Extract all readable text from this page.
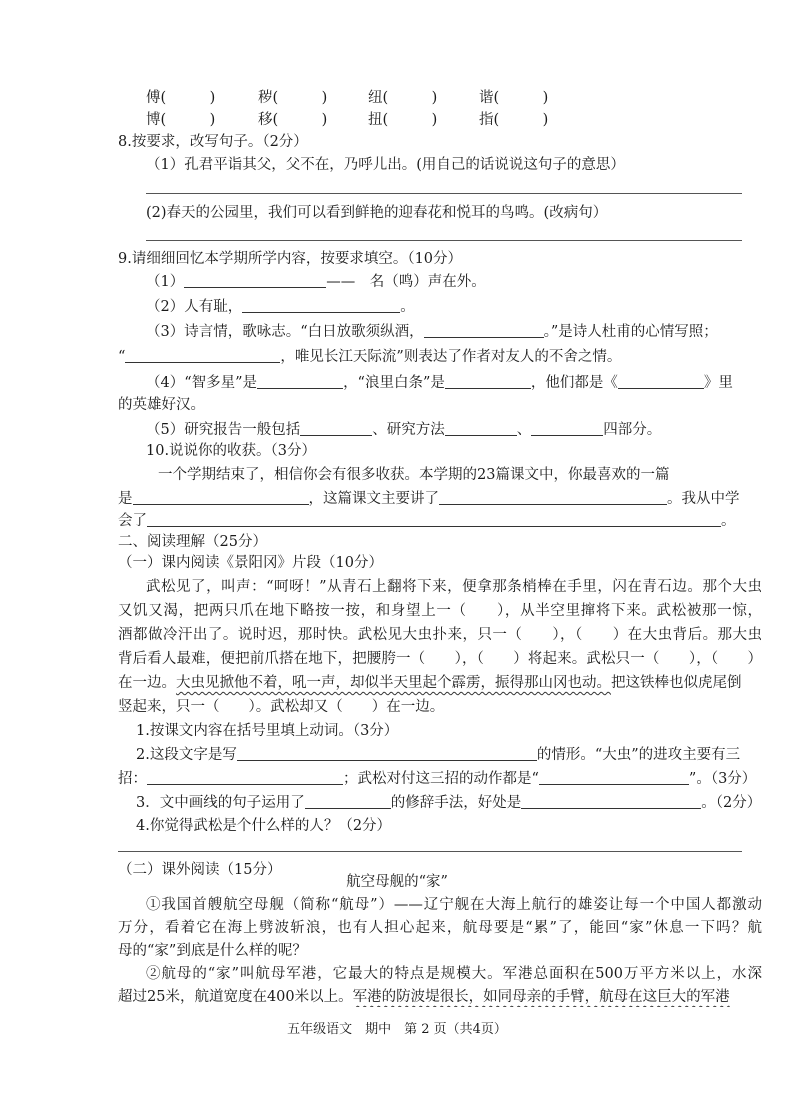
傅(　　　)	秽(　　　)	纽(　　　)	谐(　　　)
博(　　　)	移(　　　)	扭(　　　)	指(　　　)
8.按要求，改写句子。（2分）
（1）孔君平诣其父，父不在，乃呼儿出。(用自己的话说说这句子的意思）
(2)春天的公园里，我们可以看到鲜艳的迎春花和悦耳的鸟鸣。(改病句）
9.请细细回忆本学期所学内容，按要求填空。（10分）
（1）	——　名（鸣）声在外。
（2）人有耻，	。
（3）诗言情，歌咏志。“白日放歌须纵酒，	。”是诗人杜甫的心情写照；
“	，唯见长江天际流”则表达了作者对友人的不舍之情。
（4）“智多星”是	，“浪里白条”是	，他们都是《	》里
的英雄好汉。
（5）研究报告一般包括	、研究方法	、	四部分。
10.说说你的收获。（3分）
一个学期结束了，相信你会有很多收获。本学期的23篇课文中，你最喜欢的一篇
是	，这篇课文主要讲了	。我从中学
会了	。
二、阅读理解（25分）
（一）课内阅读《景阳冈》片段（10分）
武松见了，叫声：“呵呀！”从青石上翻将下来，便拿那条梢棒在手里，闪在青石边。那个大虫
又饥又渴，把两只爪在地下略按一按，和身望上一（　　），从半空里撺将下来。武松被那一惊，
酒都做冷汗出了。说时迟，那时快。武松见大虫扑来，只一（　　），（　　）在大虫背后。那大虫
背后看人最难，便把前爪搭在地下，把腰胯一（　　），（　　）将起来。武松只一（　　），（　　）
在一边。大虫见掀他不着，吼一声，却似半天里起个霹雳，振得那山冈也动。把这铁棒也似虎尾倒
竖起来，只一（　　）。武松却又（　　）在一边。
1.按课文内容在括号里填上动词。（3分）
2.这段文字是写	的情形。“大虫”的进攻主要有三
招：	；武松对付这三招的动作都是“	”。（3分）
3．文中画线的句子运用了	的修辞手法，好处是	。（2分）
4.你觉得武松是个什么样的人？（2分）
（二）课外阅读（15分）
航空母舰的“家”
①我国首艘航空母舰（简称“航母”）——辽宁舰在大海上航行的雄姿让每一个中国人都激动
万分，看着它在海上劈波斩浪，也有人担心起来，航母要是“累”了，能回“家”休息一下吗？航
母的“家”到底是什么样的呢？
②航母的“家”叫航母军港，它最大的特点是规模大。军港总面积在500万平方米以上，水深
超过25米，航道宽度在400米以上。军港的防波堤很长，如同母亲的手臂，航母在这巨大的军港
五年级语文　期中　第 2 页（共4页）
